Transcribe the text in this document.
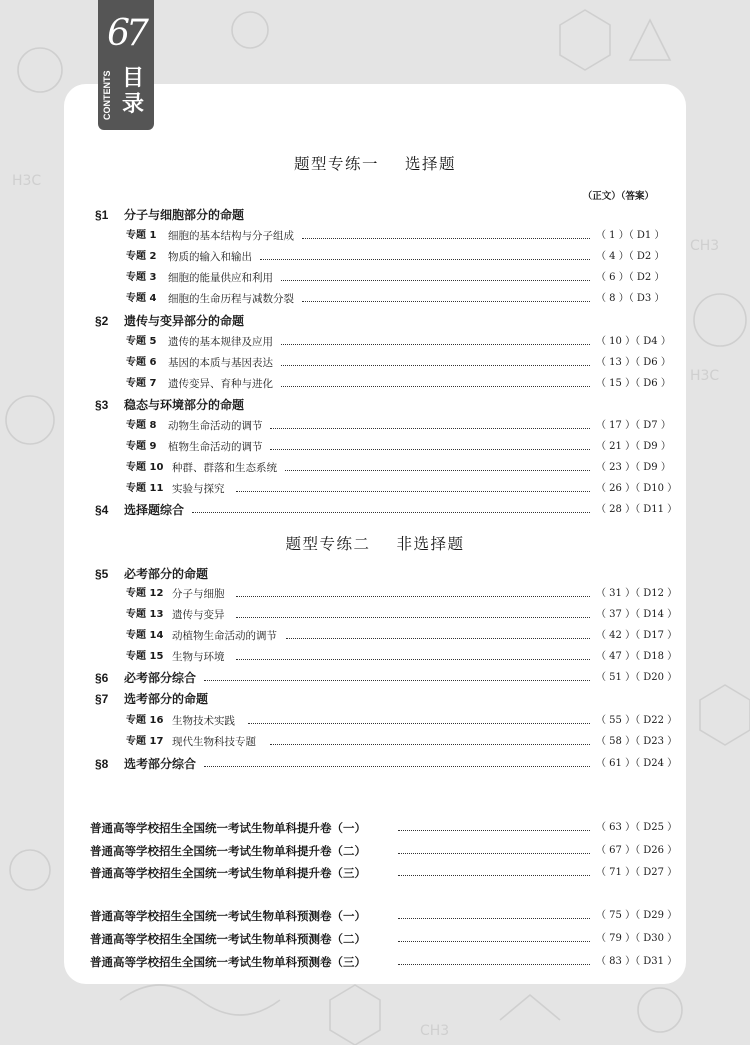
H3C
CH3
H3C
CH3
67
CONTENTS 目录
题型专练一 选择题
（正文）（答案）
§1 分子与细胞部分的命题
专题 1 细胞的基本结构与分子组成	（ 1 ）（ D1 ）
专题 2 物质的输入和输出	（ 4 ）（ D2 ）
专题 3 细胞的能量供应和利用	（ 6 ）（ D2 ）
专题 4 细胞的生命历程与减数分裂	（ 8 ）（ D3 ）
§2 遗传与变异部分的命题
专题 5 遗传的基本规律及应用	（ 10 ）（ D4 ）
专题 6 基因的本质与基因表达	（ 13 ）（ D6 ）
专题 7 遗传变异、育种与进化	（ 15 ）（ D6 ）
§3 稳态与环境部分的命题
专题 8 动物生命活动的调节	（ 17 ）（ D7 ）
专题 9 植物生命活动的调节	（ 21 ）（ D9 ）
专题 10 种群、群落和生态系统	（ 23 ）（ D9 ）
专题 11 实验与探究	（ 26 ）（ D10 ）
§4 选择题综合	（ 28 ）（ D11 ）
题型专练二 非选择题
§5 必考部分的命题
专题 12 分子与细胞	（ 31 ）（ D12 ）
专题 13 遗传与变异	（ 37 ）（ D14 ）
专题 14 动植物生命活动的调节	（ 42 ）（ D17 ）
专题 15 生物与环境	（ 47 ）（ D18 ）
§6 必考部分综合	（ 51 ）（ D20 ）
§7 选考部分的命题
专题 16 生物技术实践	（ 55 ）（ D22 ）
专题 17 现代生物科技专题	（ 58 ）（ D23 ）
§8 选考部分综合	（ 61 ）（ D24 ）
普通高等学校招生全国统一考试生物单科提升卷（一）	（ 63 ）（ D25 ）
普通高等学校招生全国统一考试生物单科提升卷（二）	（ 67 ）（ D26 ）
普通高等学校招生全国统一考试生物单科提升卷（三）	（ 71 ）（ D27 ）
普通高等学校招生全国统一考试生物单科预测卷（一）	（ 75 ）（ D29 ）
普通高等学校招生全国统一考试生物单科预测卷（二）	（ 79 ）（ D30 ）
普通高等学校招生全国统一考试生物单科预测卷（三）	（ 83 ）（ D31 ）
